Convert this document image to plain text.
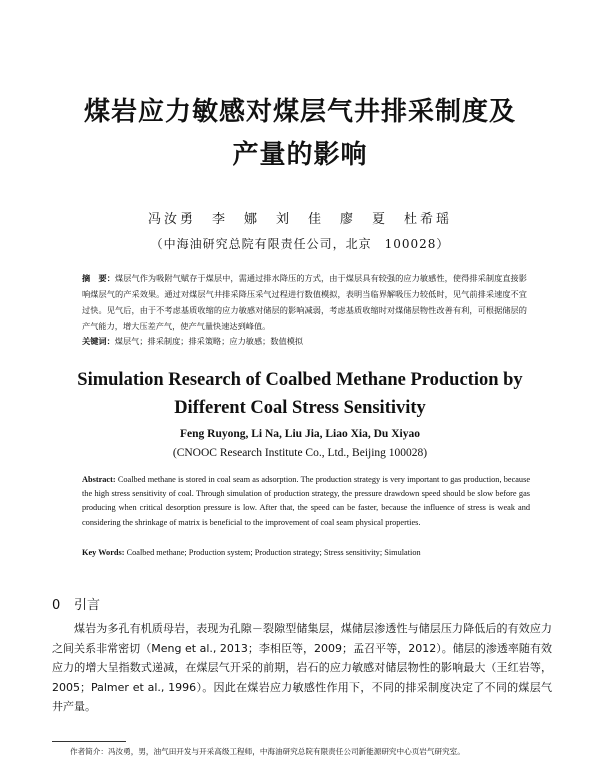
煤岩应力敏感对煤层气井排采制度及
产量的影响
冯汝勇　李　娜　刘　佳　廖　夏　杜希瑶
（中海油研究总院有限责任公司，北京　100028）
摘　要：煤层气作为吸附气赋存于煤层中，需通过排水降压的方式，由于煤层具有较强的应力敏感性，使得排采制度直接影响煤层气的产采效果。通过对煤层气井排采降压采气过程进行数值模拟，表明当临界解吸压力较低时，见气前排采速度不宜过快。见气后，由于不考虑基质收缩的应力敏感对储层的影响减弱，考虑基质收缩时对煤储层物性改善有利，可根据储层的产气能力，增大压差产气，使产气量快速达到峰值。
关键词：煤层气；排采制度；排采策略；应力敏感；数值模拟
Simulation Research of Coalbed Methane Production by
Different Coal Stress Sensitivity
Feng Ruyong, Li Na, Liu Jia, Liao Xia, Du Xiyao
(CNOOC Research Institute Co., Ltd., Beijing 100028)
Abstract: Coalbed methane is stored in coal seam as adsorption. The production strategy is very important to gas production, because the high stress sensitivity of coal. Through simulation of production strategy, the pressure drawdown speed should be slow before gas producing when critical desorption pressure is low. After that, the speed can be faster, because the influence of stress is weak and considering the shrinkage of matrix is beneficial to the improvement of coal seam physical properties.
Key Words: Coalbed methane; Production system; Production strategy; Stress sensitivity; Simulation
0 引言
煤岩为多孔有机质母岩，表现为孔隙－裂隙型储集层，煤储层渗透性与储层压力降低后的有效应力之间关系非常密切（Meng et al., 2013；李相臣等，2009；孟召平等，2012）。储层的渗透率随有效应力的增大呈指数式递减，在煤层气开采的前期，岩石的应力敏感对储层物性的影响最大（王红岩等，2005；Palmer et al., 1996）。因此在煤岩应力敏感性作用下，不同的排采制度决定了不同的煤层气井产量。
作者简介：冯汝勇，男，油气田开发与开采高级工程师，中海油研究总院有限责任公司新能源研究中心页岩气研究室。
